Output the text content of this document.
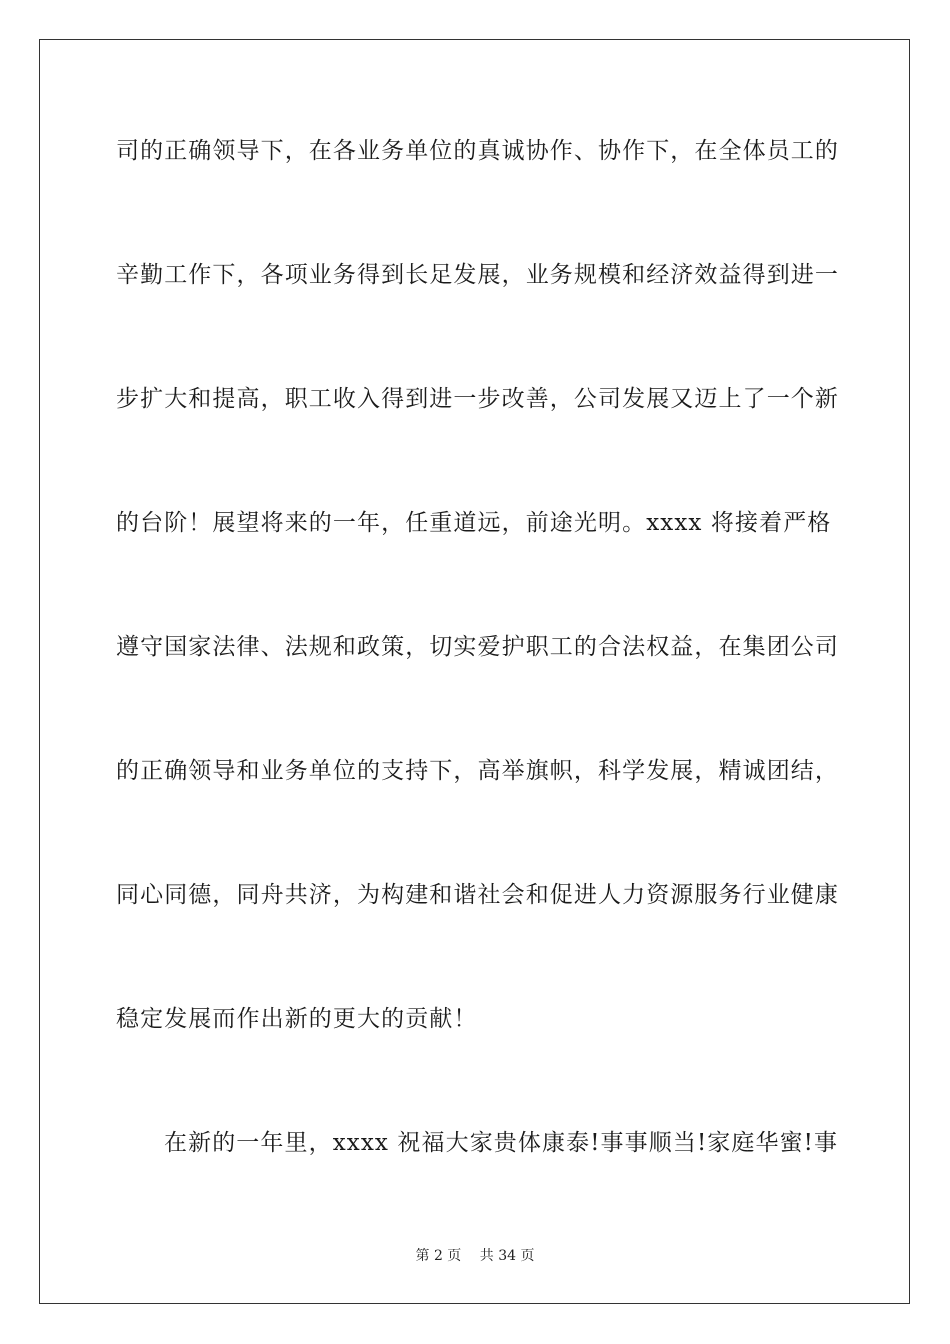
司的正确领导下，在各业务单位的真诚协作、协作下，在全体员工的
辛勤工作下，各项业务得到长足发展，业务规模和经济效益得到进一
步扩大和提高，职工收入得到进一步改善，公司发展又迈上了一个新
的台阶！展望将来的一年，任重道远，前途光明。xxxx 将接着严格
遵守国家法律、法规和政策，切实爱护职工的合法权益，在集团公司
的正确领导和业务单位的支持下，高举旗帜，科学发展，精诚团结，
同心同德，同舟共济，为构建和谐社会和促进人力资源服务行业健康
稳定发展而作出新的更大的贡献！
在新的一年里，xxxx 祝福大家贵体康泰!事事顺当!家庭华蜜!事
第 2 页 共 34 页
